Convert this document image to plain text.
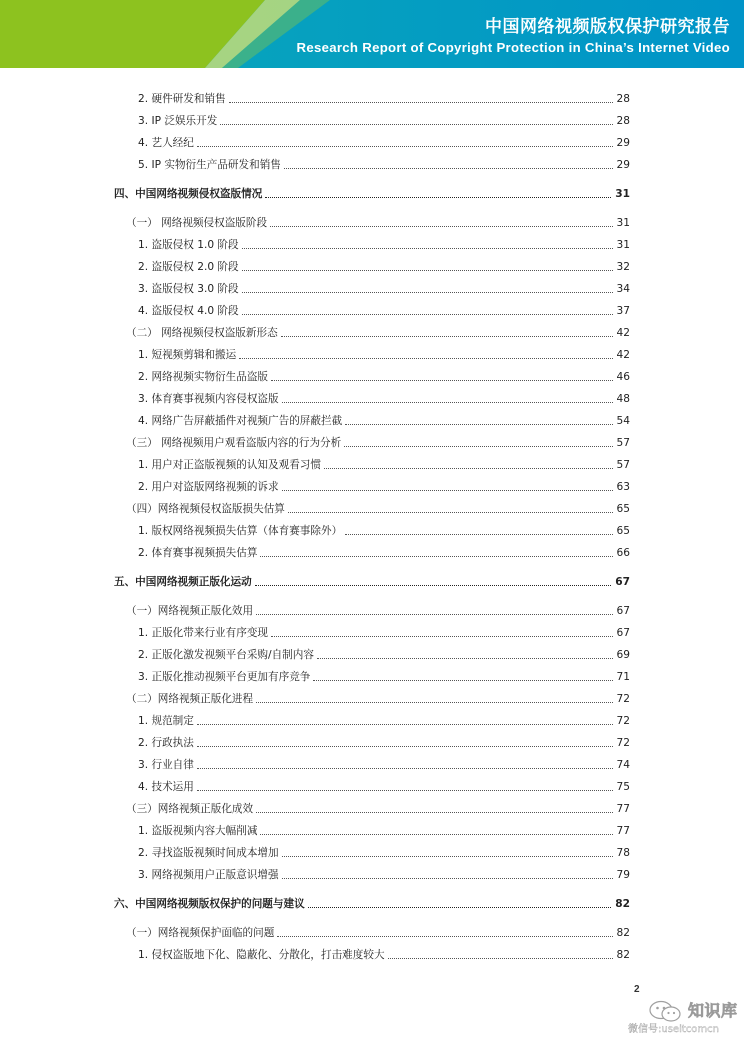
中国网络视频版权保护研究报告
Research Report of Copyright Protection in China’s Internet Video
2. 硬件研发和销售	28
3. IP 泛娱乐开发	28
4. 艺人经纪	29
5. IP 实物衍生产品研发和销售	29
四、中国网络视频侵权盗版情况	31
（一） 网络视频侵权盗版阶段	31
1. 盗版侵权 1.0 阶段	31
2. 盗版侵权 2.0 阶段	32
3. 盗版侵权 3.0 阶段	34
4. 盗版侵权 4.0 阶段	37
（二） 网络视频侵权盗版新形态	42
1. 短视频剪辑和搬运	42
2. 网络视频实物衍生品盗版	46
3. 体育赛事视频内容侵权盗版	48
4. 网络广告屏蔽插件对视频广告的屏蔽拦截	54
（三） 网络视频用户观看盗版内容的行为分析	57
1. 用户对正盗版视频的认知及观看习惯	57
2. 用户对盗版网络视频的诉求	63
（四）网络视频侵权盗版损失估算	65
1. 版权网络视频损失估算（体育赛事除外）	65
2. 体育赛事视频损失估算	66
五、中国网络视频正版化运动	67
（一）网络视频正版化效用	67
1. 正版化带来行业有序变现	67
2. 正版化激发视频平台采购/自制内容	69
3. 正版化推动视频平台更加有序竞争	71
（二）网络视频正版化进程	72
1. 规范制定	72
2. 行政执法	72
3. 行业自律	74
4. 技术运用	75
（三）网络视频正版化成效	77
1. 盗版视频内容大幅削减	77
2. 寻找盗版视频时间成本增加	78
3. 网络视频用户正版意识增强	79
六、中国网络视频版权保护的问题与建议	82
（一）网络视频保护面临的问题	82
1. 侵权盗版地下化、隐蔽化、分散化，打击难度较大	82
2
知识库
微信号:useitcomcn
